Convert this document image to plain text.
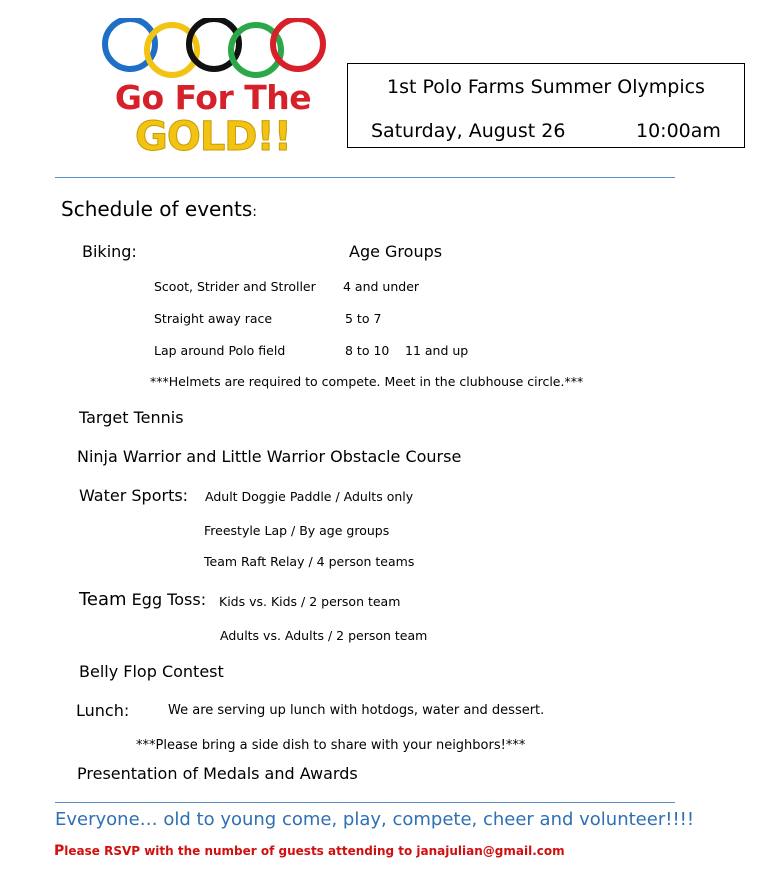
Go For The
GOLD!!
1st Polo Farms Summer Olympics
Saturday, August 26	10:00am
Schedule of events:
Biking:	Age Groups
Scoot, Strider and Stroller 4 and under
Straight away race	5 to 7
Lap around Polo field	8 to 10 11 and up
***Helmets are required to compete. Meet in the clubhouse circle.***
Target Tennis
Ninja Warrior and Little Warrior Obstacle Course
Water Sports: Adult Doggie Paddle / Adults only
Freestyle Lap / By age groups
Team Raft Relay / 4 person teams
Team Egg Toss: Kids vs. Kids / 2 person team
Adults vs. Adults / 2 person team
Belly Flop Contest
Lunch:	We are serving up lunch with hotdogs, water and dessert.
***Please bring a side dish to share with your neighbors!***
Presentation of Medals and Awards
Everyone… old to young come, play, compete, cheer and volunteer!!!!
Please RSVP with the number of guests attending to janajulian@gmail.com
